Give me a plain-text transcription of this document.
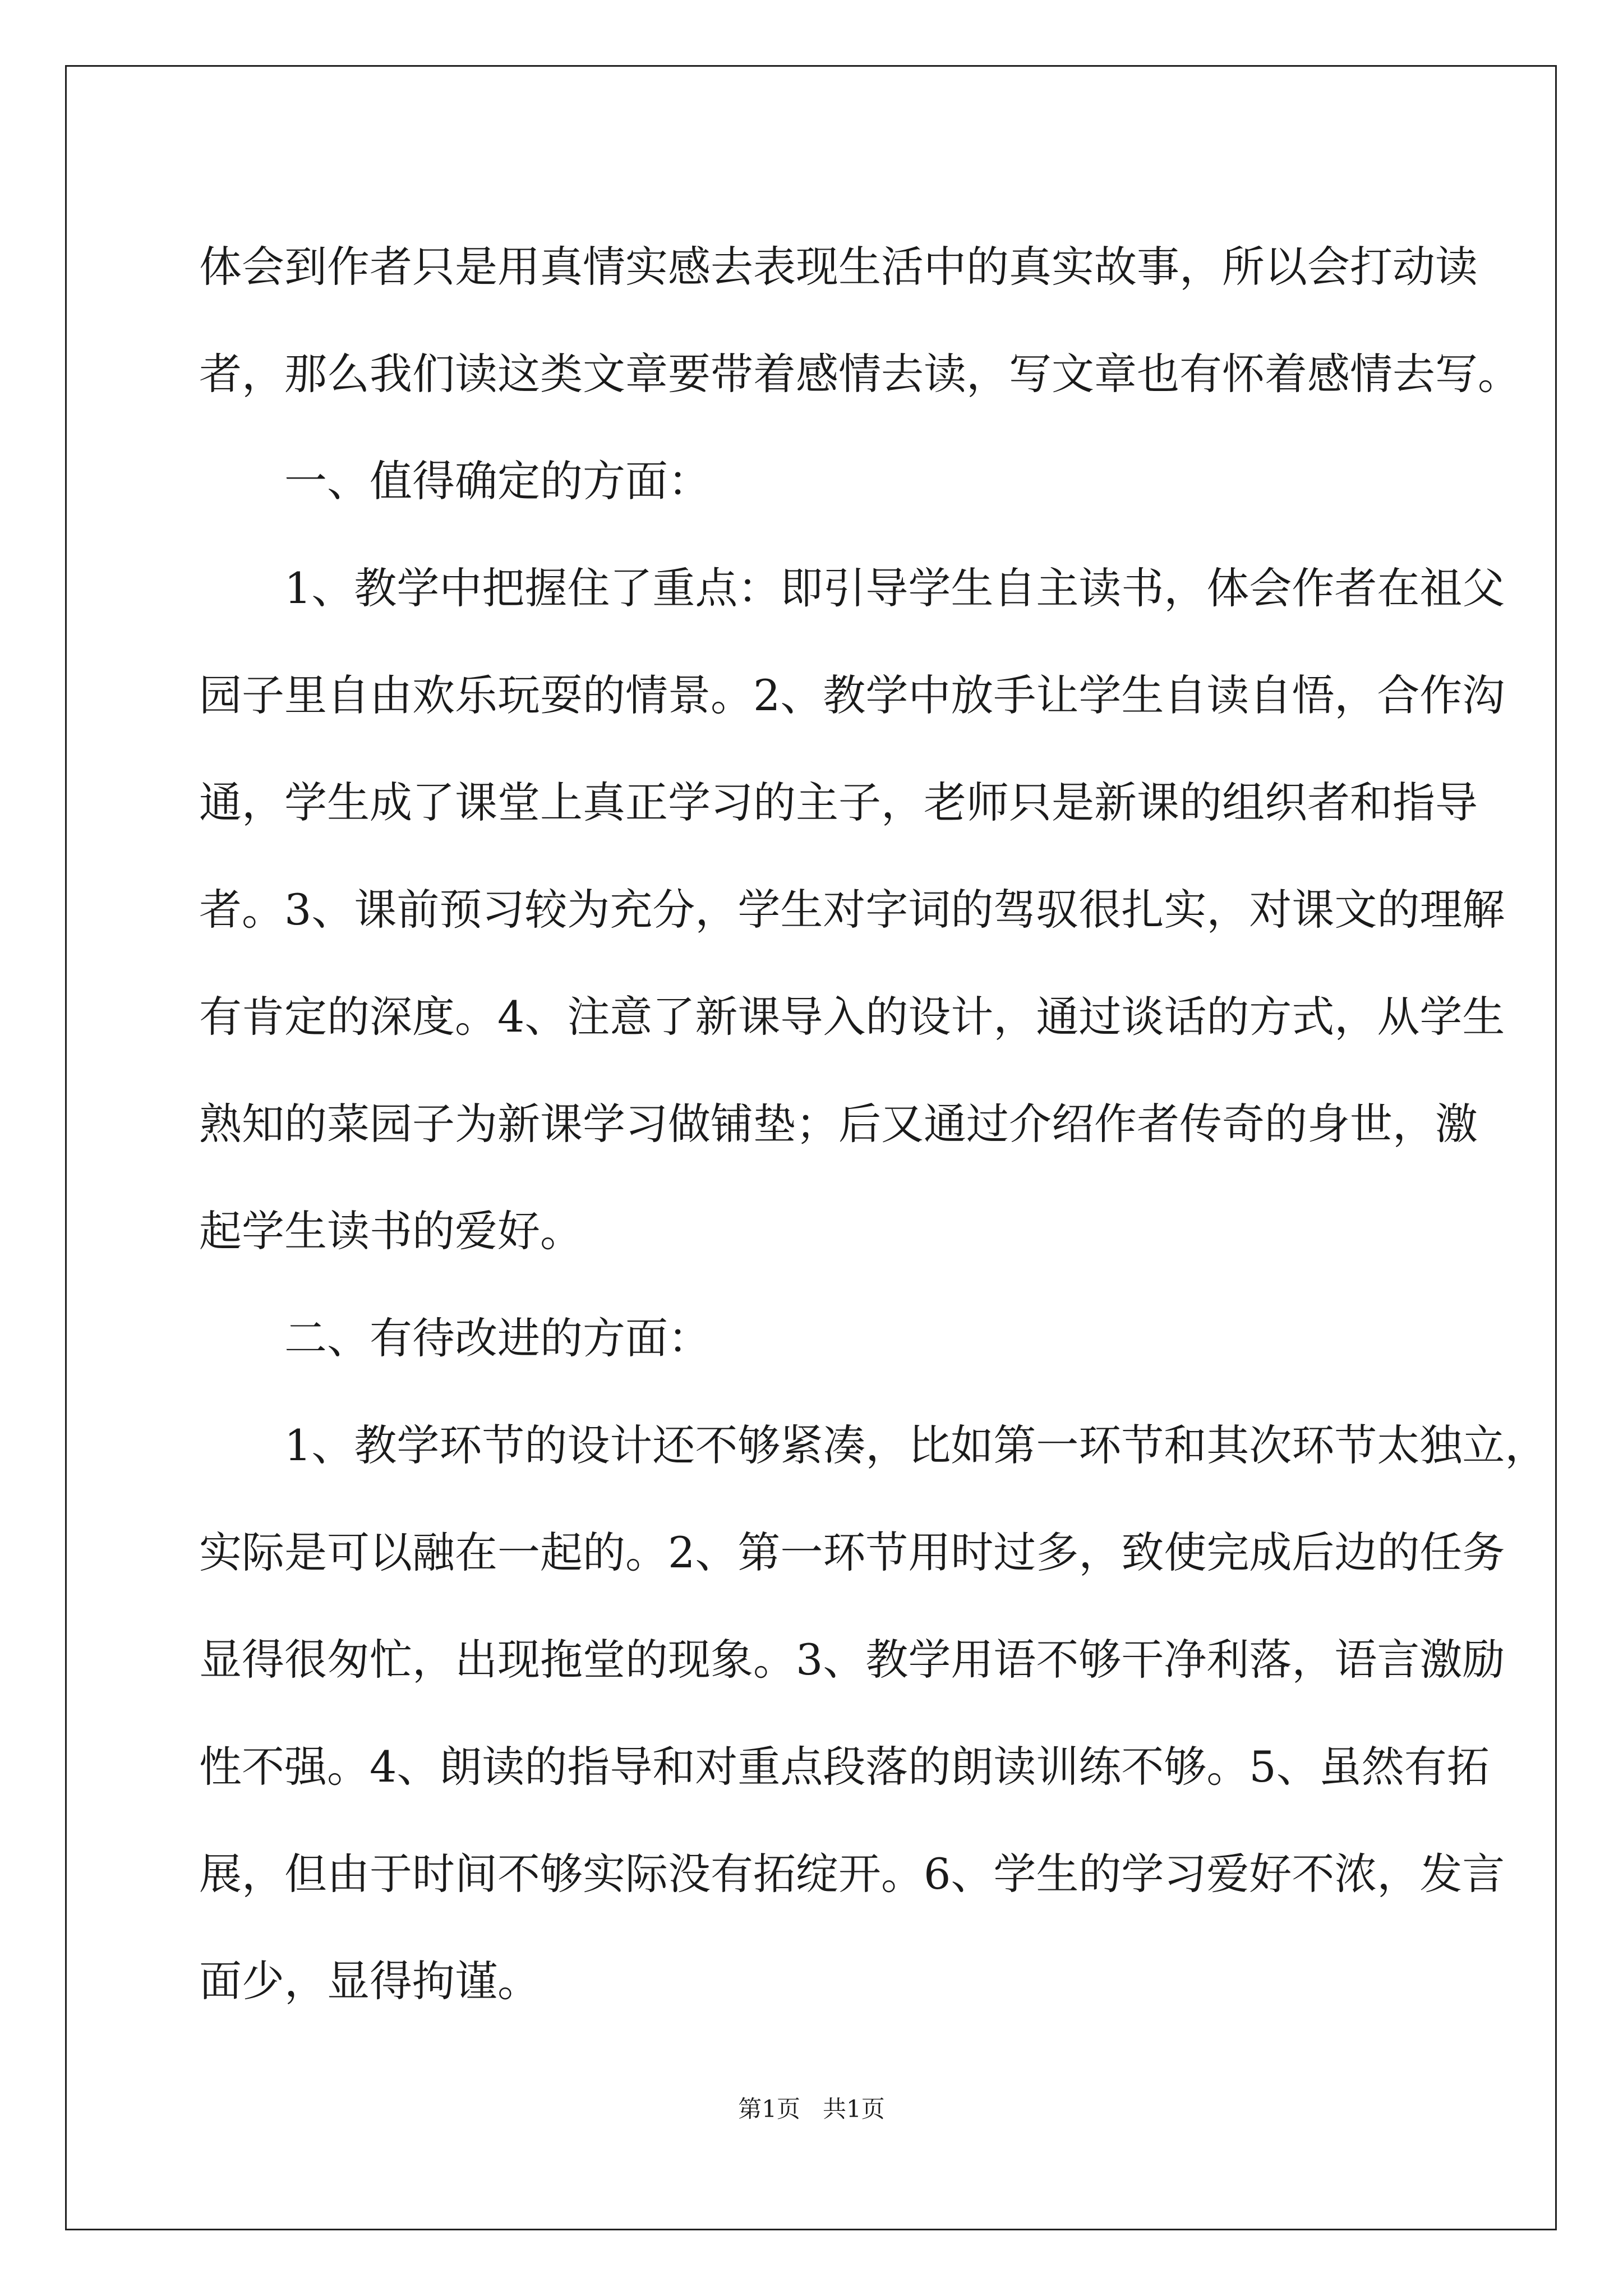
体会到作者只是用真情实感去表现生活中的真实故事，所以会打动读
者，那么我们读这类文章要带着感情去读，写文章也有怀着感情去写。
一、值得确定的方面：
1、教学中把握住了重点：即引导学生自主读书，体会作者在祖父
园子里自由欢乐玩耍的情景。2、教学中放手让学生自读自悟，合作沟
通，学生成了课堂上真正学习的主子，老师只是新课的组织者和指导
者。3、课前预习较为充分，学生对字词的驾驭很扎实，对课文的理解
有肯定的深度。4、注意了新课导入的设计，通过谈话的方式，从学生
熟知的菜园子为新课学习做铺垫；后又通过介绍作者传奇的身世，激
起学生读书的爱好。
二、有待改进的方面：
1、教学环节的设计还不够紧凑，比如第一环节和其次环节太独立，
实际是可以融在一起的。2、第一环节用时过多，致使完成后边的任务
显得很匆忙，出现拖堂的现象。3、教学用语不够干净利落，语言激励
性不强。4、朗读的指导和对重点段落的朗读训练不够。5、虽然有拓
展，但由于时间不够实际没有拓绽开。6、学生的学习爱好不浓，发言
面少，显得拘谨。
第1页 共1页
